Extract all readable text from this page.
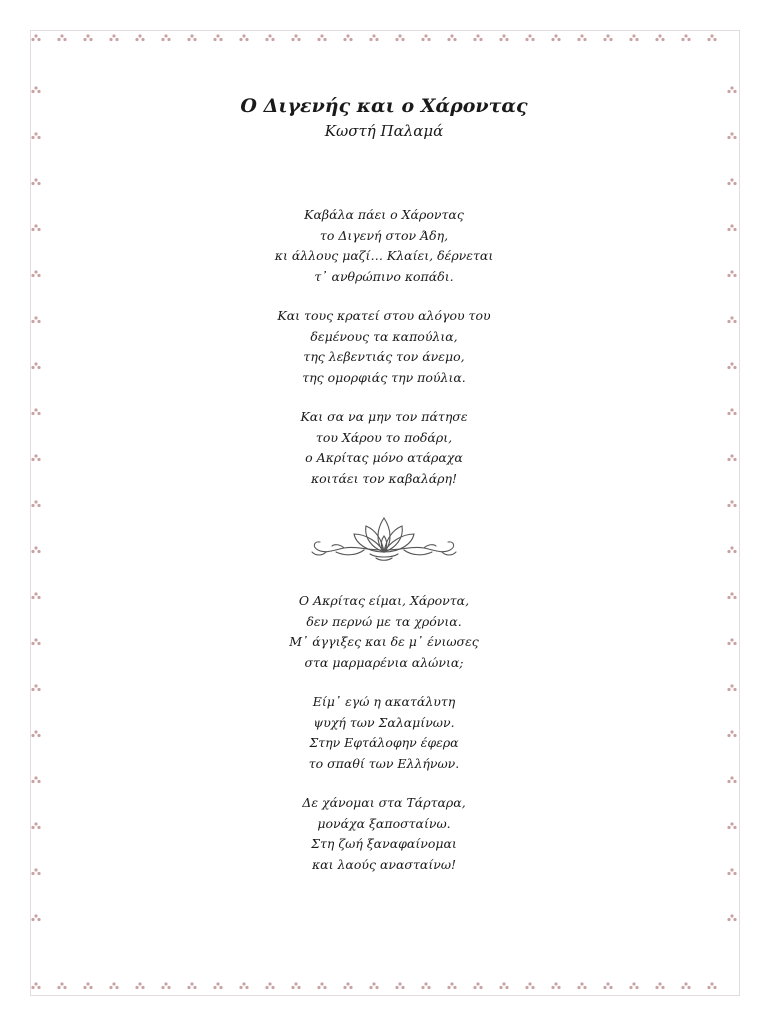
Ο Διγενής και ο Χάροντας

Κωστή Παλαμά

Καβάλα πάει ο Χάροντας
το Διγενή στον Άδη,
κι άλλους μαζί… Κλαίει, δέρνεται
τ᾽ ανθρώπινο κοπάδι.
Και τους κρατεί στου αλόγου του
δεμένους τα καπούλια,
της λεβεντιάς τον άνεμο,
της ομορφιάς την πούλια.
Και σα να μην τον πάτησε
του Χάρου το ποδάρι,
ο Ακρίτας μόνο ατάραχα
κοιτάει τον καβαλάρη!
Ο Ακρίτας είμαι, Χάροντα,
δεν περνώ με τα χρόνια.
Μ᾽ άγγιξες και δε μ᾽ ένιωσες
στα μαρμαρένια αλώνια;
Είμ᾽ εγώ η ακατάλυτη
ψυχή των Σαλαμίνων.
Στην Εφτάλοφην έφερα
το σπαθί των Ελλήνων.
Δε χάνομαι στα Τάρταρα,
μονάχα ξαποσταίνω.
Στη ζωή ξαναφαίνομαι
και λαούς ανασταίνω!
